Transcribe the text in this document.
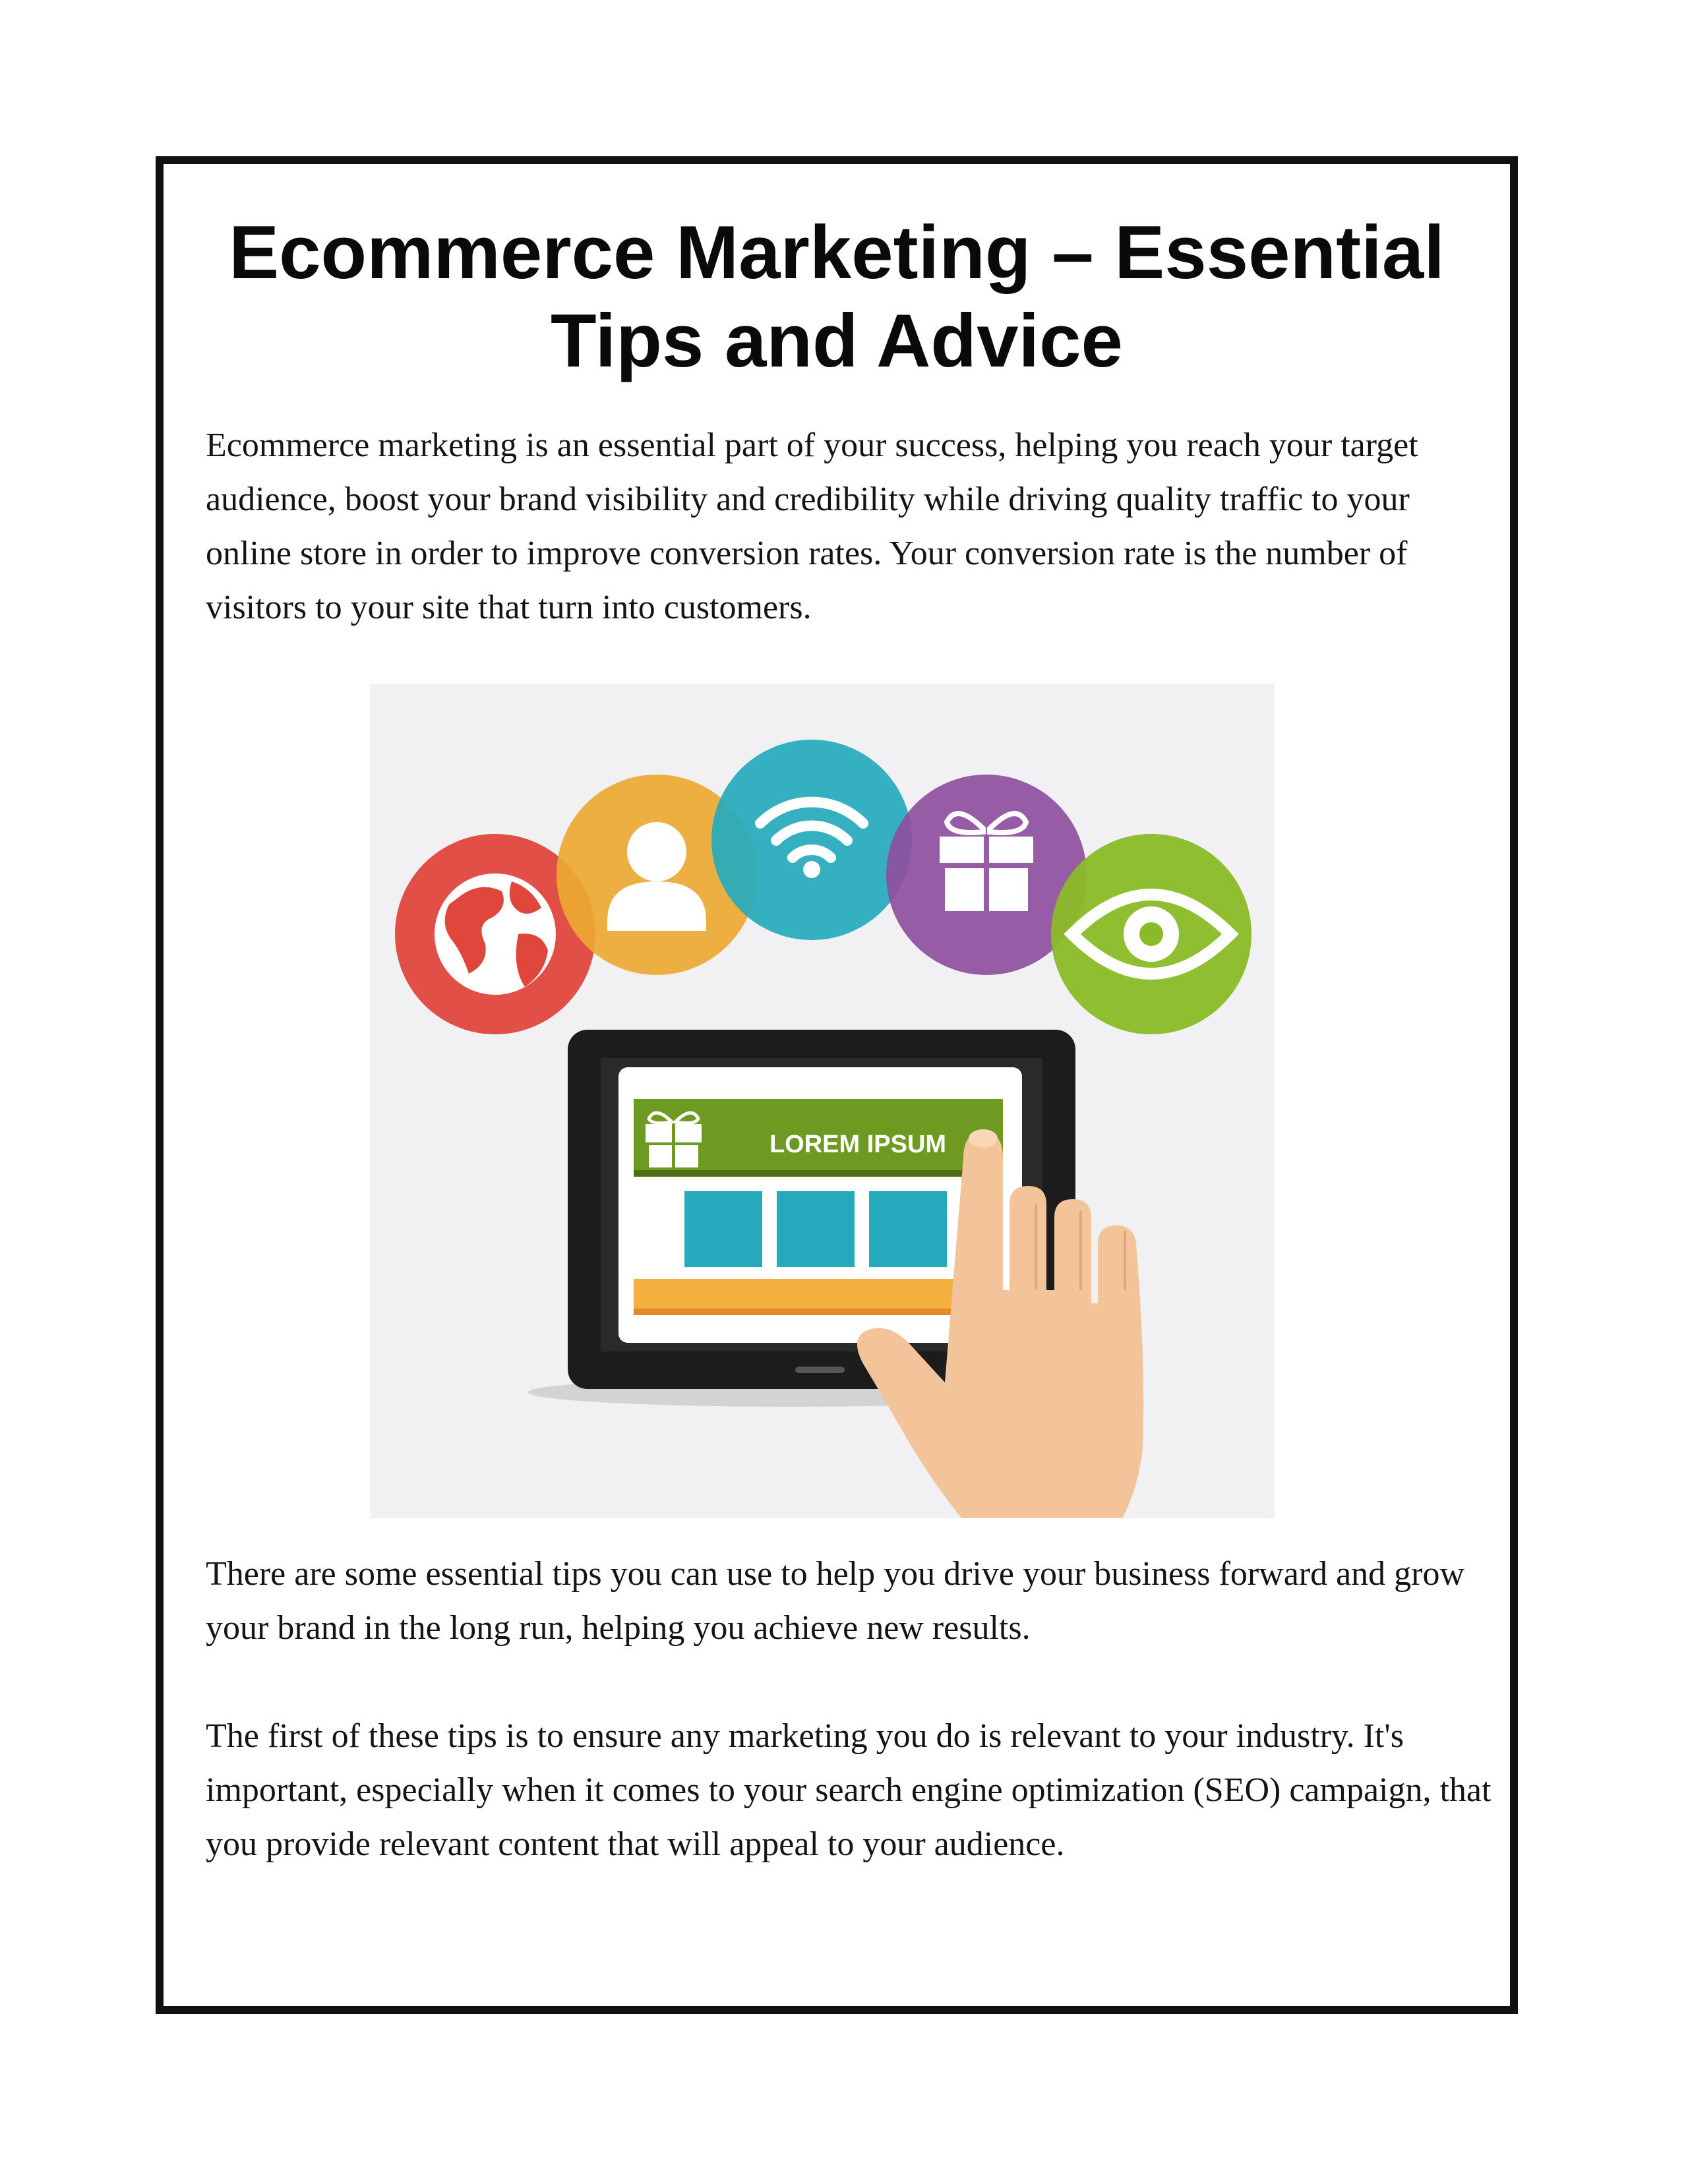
Ecommerce Marketing – Essential Tips and Advice

Ecommerce marketing is an essential part of your success, helping you reach your target audience, boost your brand visibility and credibility while driving quality traffic to your online store in order to improve conversion rates. Your conversion rate is the number of visitors to your site that turn into customers.

LOREM IPSUM

There are some essential tips you can use to help you drive your business forward and grow your brand in the long run, helping you achieve new results.

The first of these tips is to ensure any marketing you do is relevant to your industry. It's important, especially when it comes to your search engine optimization (SEO) campaign, that you provide relevant content that will appeal to your audience.
